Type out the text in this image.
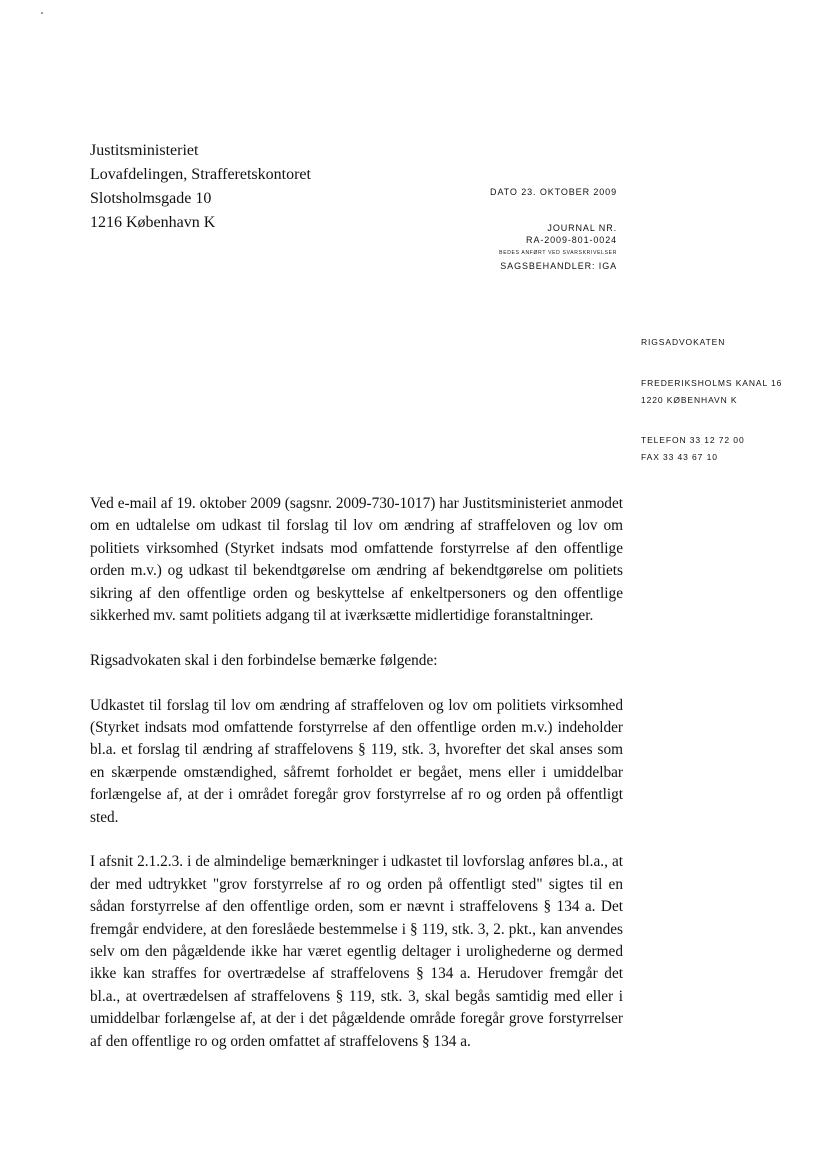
Justitsministeriet
Lovafdelingen, Strafferetskontoret
Slotsholmsgade 10
1216 København K
DATO 23. OKTOBER 2009
JOURNAL NR.
RA-2009-801-0024
BEDES ANFØRT VED SVARSKRIVELSER
SAGSBEHANDLER: IGA
RIGSADVOKATEN
FREDERIKSHOLMS KANAL 16
1220 KØBENHAVN K
TELEFON 33 12 72 00
FAX 33 43 67 10

Ved e-mail af 19. oktober 2009 (sagsnr. 2009-730-1017) har Justitsministeriet anmodet om en udtalelse om udkast til forslag til lov om ændring af straffeloven og lov om politiets virksomhed (Styrket indsats mod omfattende forstyrrelse af den offentlige orden m.v.) og udkast til bekendtgørelse om ændring af bekendtgørelse om politiets sikring af den offentlige orden og beskyttelse af enkeltpersoners og den offentlige sikkerhed mv. samt politiets adgang til at iværksætte midlertidige foranstaltninger.

Rigsadvokaten skal i den forbindelse bemærke følgende:

Udkastet til forslag til lov om ændring af straffeloven og lov om politiets virksomhed (Styrket indsats mod omfattende forstyrrelse af den offentlige orden m.v.) indeholder bl.a. et forslag til ændring af straffelovens § 119, stk. 3, hvorefter det skal anses som en skærpende omstændighed, såfremt forholdet er begået, mens eller i umiddelbar forlængelse af, at der i området foregår grov forstyrrelse af ro og orden på offentligt sted.

I afsnit 2.1.2.3. i de almindelige bemærkninger i udkastet til lovforslag anføres bl.a., at der med udtrykket "grov forstyrrelse af ro og orden på offentligt sted" sigtes til en sådan forstyrrelse af den offentlige orden, som er nævnt i straffelovens § 134 a. Det fremgår endvidere, at den foreslåede bestemmelse i § 119, stk. 3, 2. pkt., kan anvendes selv om den pågældende ikke har været egentlig deltager i urolighederne og dermed ikke kan straffes for overtrædelse af straffelovens § 134 a. Herudover fremgår det bl.a., at overtrædelsen af straffelovens § 119, stk. 3, skal begås samtidig med eller i umiddelbar forlængelse af, at der i det pågældende område foregår grove forstyrrelser af den offentlige ro og orden omfattet af straffelovens § 134 a.
